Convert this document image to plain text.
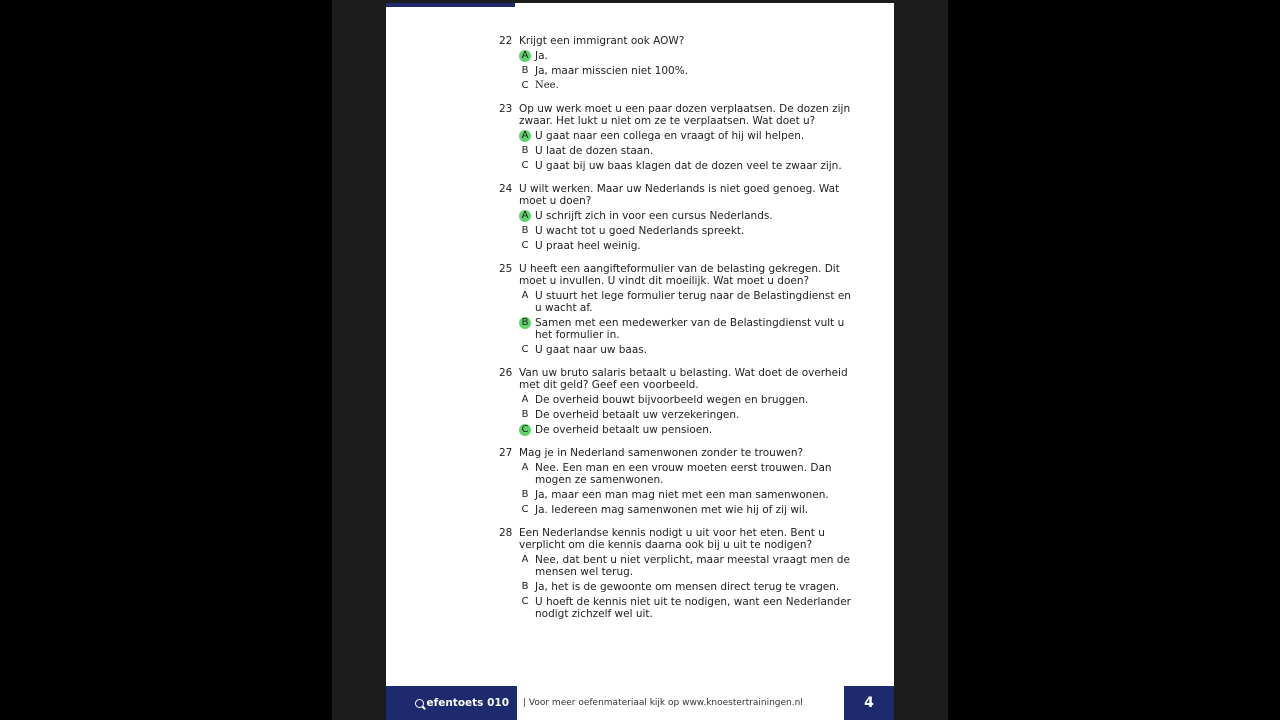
22 Krijgt een immigrant ook AOW?
A Ja.
B Ja, maar misscien niet 100%.
C Nee.
23 Op uw werk moet u een paar dozen verplaatsen. De dozen zijn zwaar. Het lukt u niet om ze te verplaatsen. Wat doet u?
A U gaat naar een collega en vraagt of hij wil helpen.
B U laat de dozen staan.
C U gaat bij uw baas klagen dat de dozen veel te zwaar zijn.
24 U wilt werken. Maar uw Nederlands is niet goed genoeg. Wat moet u doen?
A U schrijft zich in voor een cursus Nederlands.
B U wacht tot u goed Nederlands spreekt.
C U praat heel weinig.
25 U heeft een aangifteformulier van de belasting gekregen. Dit moet u invullen. U vindt dit moeilijk. Wat moet u doen?
A U stuurt het lege formulier terug naar de Belastingdienst en u wacht af.
B Samen met een medewerker van de Belastingdienst vult u het formulier in.
C U gaat naar uw baas.
26 Van uw bruto salaris betaalt u belasting. Wat doet de overheid met dit geld? Geef een voorbeeld.
A De overheid bouwt bijvoorbeeld wegen en bruggen.
B De overheid betaalt uw verzekeringen.
C De overheid betaalt uw pensioen.
27 Mag je in Nederland samenwonen zonder te trouwen?
A Nee. Een man en een vrouw moeten eerst trouwen. Dan mogen ze samenwonen.
B Ja, maar een man mag niet met een man samenwonen.
C Ja. Iedereen mag samenwonen met wie hij of zij wil.
28 Een Nederlandse kennis nodigt u uit voor het eten. Bent u verplicht om die kennis daarna ook bij u uit te nodigen?
A Nee, dat bent u niet verplicht, maar meestal vraagt men de mensen wel terug.
B Ja, het is de gewoonte om mensen direct terug te vragen.
C U hoeft de kennis niet uit te nodigen, want een Nederlander nodigt zichzelf wel uit.
efentoets 010 | Voor meer oefenmateriaal kijk op www.knoestertrainingen.nl	4
